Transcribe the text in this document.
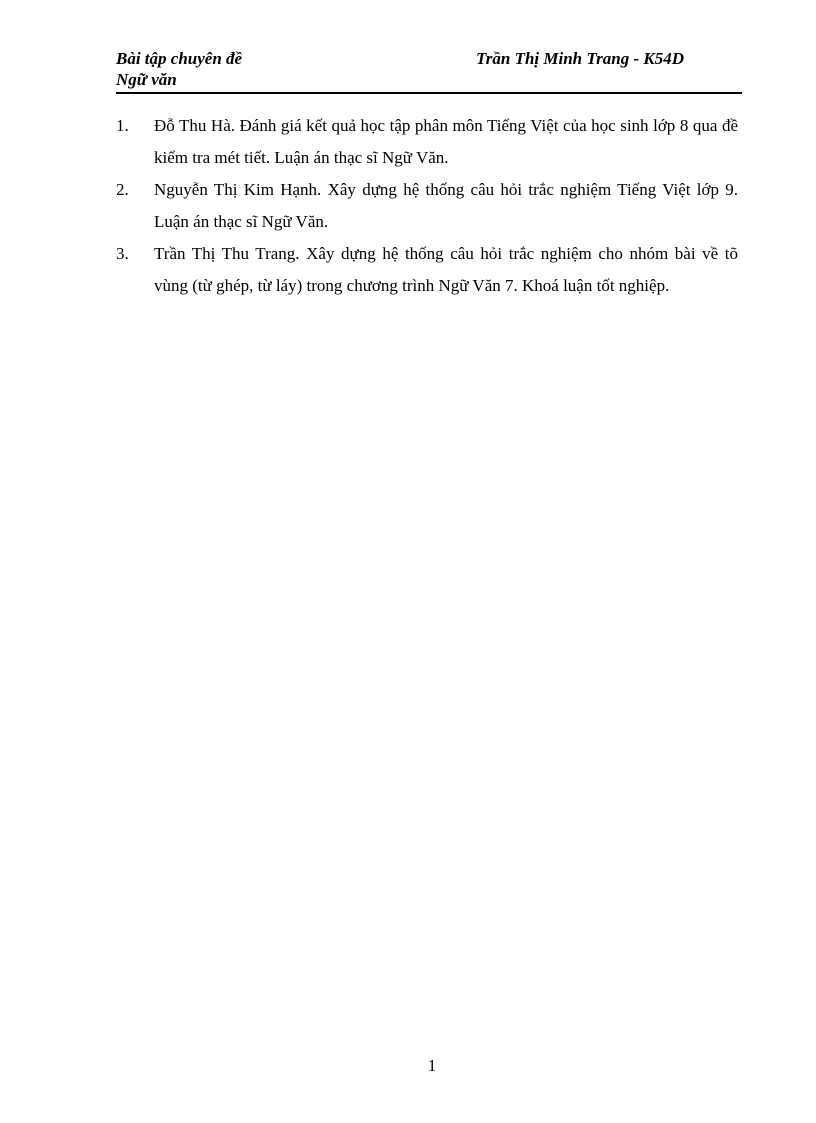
Bài tập chuyên đề
Ngữ văn
Trần Thị Minh Trang - K54D
1. Đỗ Thu Hà. Đánh giá kết quả học tập phân môn Tiếng Việt của học sinh lớp 8 qua đề kiểm tra mét tiết. Luận án thạc sĩ Ngữ Văn.
2. Nguyễn Thị Kim Hạnh. Xây dựng hệ thống câu hỏi trắc nghiệm Tiếng Việt lớp 9. Luận án thạc sĩ Ngữ Văn.
3. Trần Thị Thu Trang. Xây dựng hệ thống câu hỏi trắc nghiệm cho nhóm bài về tõ vùng (từ ghép, từ láy) trong chương trình Ngữ Văn 7. Khoá luận tốt nghiệp.
1
